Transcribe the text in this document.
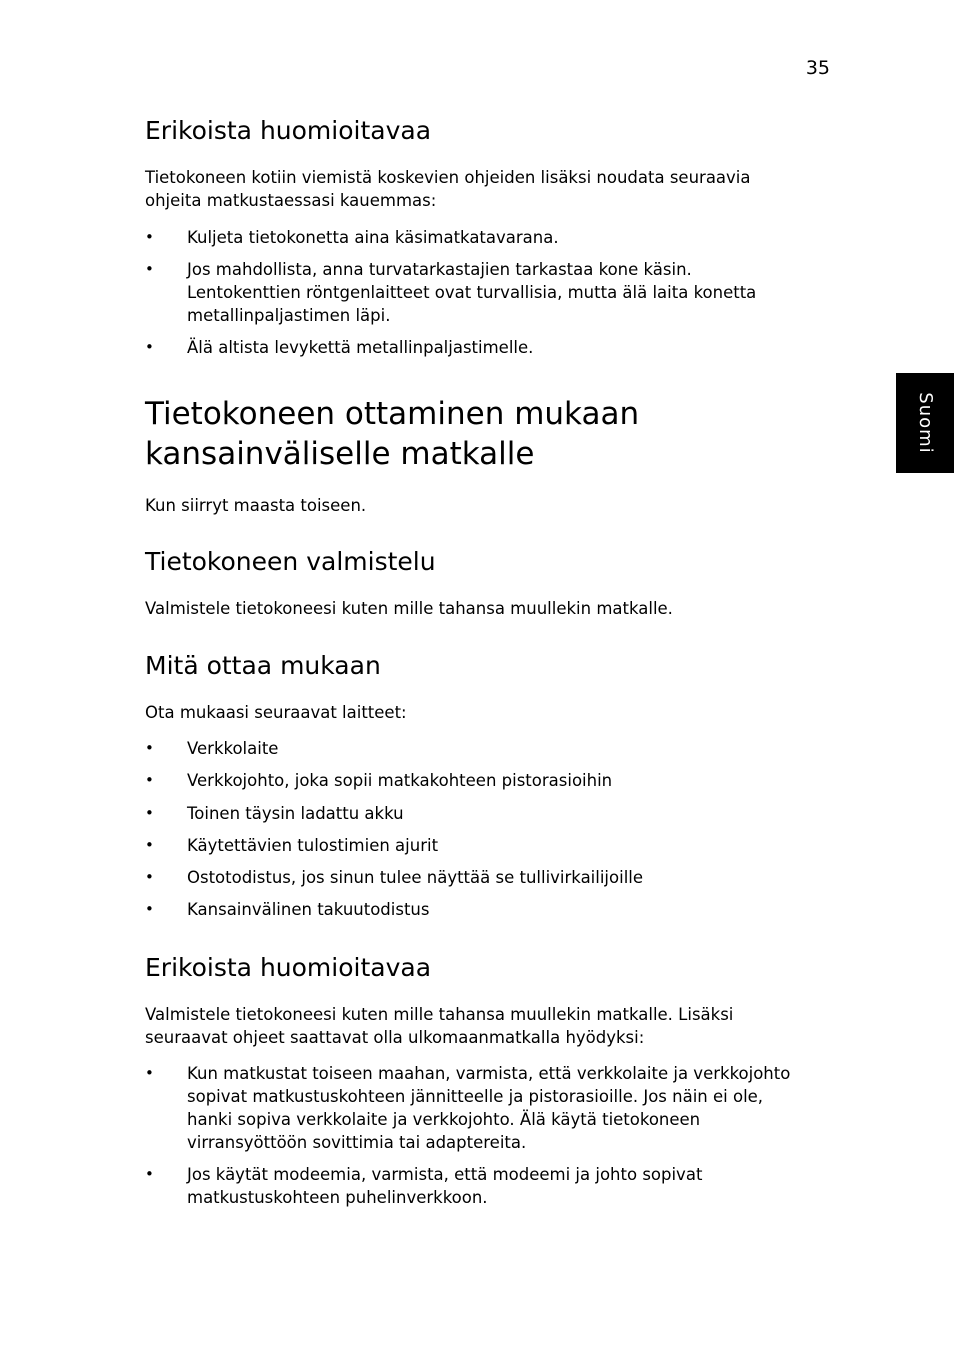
35
Suomi
Erikoista huomioitavaa

Tietokoneen kotiin viemistä koskevien ohjeiden lisäksi noudata seuraavia
ohjeita matkustaessasi kauemmas:

• Kuljeta tietokonetta aina käsimatkatavarana.
• Jos mahdollista, anna turvatarkastajien tarkastaa kone käsin.
Lentokenttien röntgenlaitteet ovat turvallisia, mutta älä laita konetta
metallinpaljastimen läpi.
• Älä altista levykettä metallinpaljastimelle.
Tietokoneen ottaminen mukaan
kansainväliselle matkalle

Kun siirryt maasta toiseen.

Tietokoneen valmistelu

Valmistele tietokoneesi kuten mille tahansa muullekin matkalle.

Mitä ottaa mukaan

Ota mukaasi seuraavat laitteet:

• Verkkolaite
• Verkkojohto, joka sopii matkakohteen pistorasioihin
• Toinen täysin ladattu akku
• Käytettävien tulostimien ajurit
• Ostotodistus, jos sinun tulee näyttää se tullivirkailijoille
• Kansainvälinen takuutodistus
Erikoista huomioitavaa

Valmistele tietokoneesi kuten mille tahansa muullekin matkalle. Lisäksi
seuraavat ohjeet saattavat olla ulkomaanmatkalla hyödyksi:

• Kun matkustat toiseen maahan, varmista, että verkkolaite ja verkkojohto
sopivat matkustuskohteen jännitteelle ja pistorasioille. Jos näin ei ole,
hanki sopiva verkkolaite ja verkkojohto. Älä käytä tietokoneen
virransyöttöön sovittimia tai adaptereita.
• Jos käytät modeemia, varmista, että modeemi ja johto sopivat
matkustuskohteen puhelinverkkoon.
